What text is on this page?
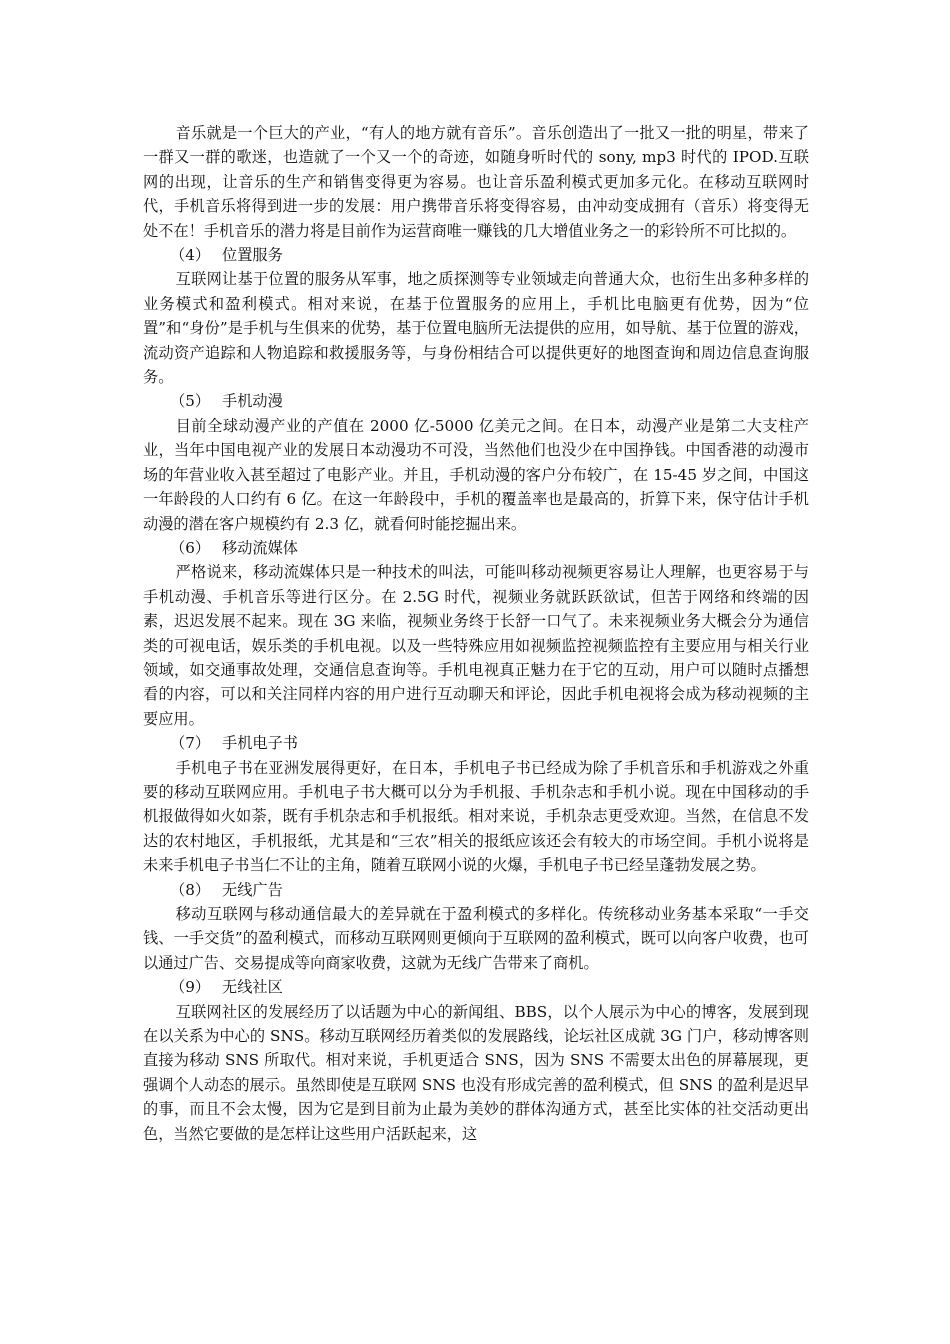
音乐就是一个巨大的产业，“有人的地方就有音乐”。音乐创造出了一批又一批的明星，带来了一群又一群的歌迷，也造就了一个又一个的奇迹，如随身听时代的 sony, mp3 时代的 IPOD.互联网的出现，让音乐的生产和销售变得更为容易。也让音乐盈利模式更加多元化。在移动互联网时代，手机音乐将得到进一步的发展：用户携带音乐将变得容易，由冲动变成拥有（音乐）将变得无处不在！手机音乐的潜力将是目前作为运营商唯一赚钱的几大增值业务之一的彩铃所不可比拟的。

（4） 位置服务

互联网让基于位置的服务从军事，地之质探测等专业领域走向普通大众，也衍生出多种多样的业务模式和盈利模式。相对来说，在基于位置服务的应用上，手机比电脑更有优势，因为“位置”和“身份”是手机与生俱来的优势，基于位置电脑所无法提供的应用，如导航、基于位置的游戏，流动资产追踪和人物追踪和救援服务等，与身份相结合可以提供更好的地图查询和周边信息查询服务。

（5） 手机动漫

目前全球动漫产业的产值在 2000 亿-5000 亿美元之间。在日本，动漫产业是第二大支柱产业，当年中国电视产业的发展日本动漫功不可没，当然他们也没少在中国挣钱。中国香港的动漫市场的年营业收入甚至超过了电影产业。并且，手机动漫的客户分布较广，在 15-45 岁之间，中国这一年龄段的人口约有 6 亿。在这一年龄段中，手机的覆盖率也是最高的，折算下来，保守估计手机动漫的潜在客户规模约有 2.3 亿，就看何时能挖掘出来。

（6） 移动流媒体

严格说来，移动流媒体只是一种技术的叫法，可能叫移动视频更容易让人理解，也更容易于与手机动漫、手机音乐等进行区分。在 2.5G 时代，视频业务就跃跃欲试，但苦于网络和终端的因素，迟迟发展不起来。现在 3G 来临，视频业务终于长舒一口气了。未来视频业务大概会分为通信类的可视电话，娱乐类的手机电视。以及一些特殊应用如视频监控视频监控有主要应用与相关行业领域，如交通事故处理，交通信息查询等。手机电视真正魅力在于它的互动，用户可以随时点播想看的内容，可以和关注同样内容的用户进行互动聊天和评论，因此手机电视将会成为移动视频的主要应用。

（7） 手机电子书

手机电子书在亚洲发展得更好，在日本，手机电子书已经成为除了手机音乐和手机游戏之外重要的移动互联网应用。手机电子书大概可以分为手机报、手机杂志和手机小说。现在中国移动的手机报做得如火如荼，既有手机杂志和手机报纸。相对来说，手机杂志更受欢迎。当然，在信息不发达的农村地区，手机报纸，尤其是和“三农”相关的报纸应该还会有较大的市场空间。手机小说将是未来手机电子书当仁不让的主角，随着互联网小说的火爆，手机电子书已经呈蓬勃发展之势。

（8） 无线广告

移动互联网与移动通信最大的差异就在于盈利模式的多样化。传统移动业务基本采取“一手交钱、一手交货”的盈利模式，而移动互联网则更倾向于互联网的盈利模式，既可以向客户收费，也可以通过广告、交易提成等向商家收费，这就为无线广告带来了商机。

（9） 无线社区

互联网社区的发展经历了以话题为中心的新闻组、BBS，以个人展示为中心的博客，发展到现在以关系为中心的 SNS。移动互联网经历着类似的发展路线，论坛社区成就 3G 门户，移动博客则直接为移动 SNS 所取代。相对来说，手机更适合 SNS，因为 SNS 不需要太出色的屏幕展现，更强调个人动态的展示。虽然即使是互联网 SNS 也没有形成完善的盈利模式，但 SNS 的盈利是迟早的事，而且不会太慢，因为它是到目前为止最为美妙的群体沟通方式，甚至比实体的社交活动更出色，当然它要做的是怎样让这些用户活跃起来，这
